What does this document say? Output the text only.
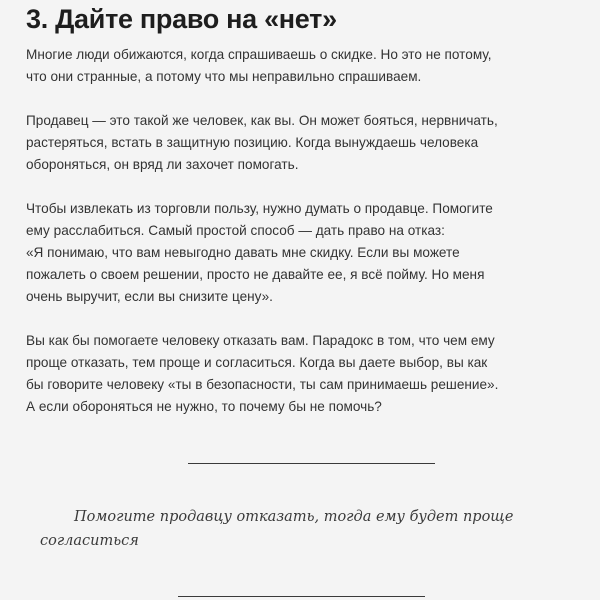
3. Дайте право на «нет»

Многие люди обижаются, когда спрашиваешь о скидке. Но это не потому,
что они странные, а потому что мы неправильно спрашиваем.

Продавец — это такой же человек, как вы. Он может бояться, нервничать,
растеряться, встать в защитную позицию. Когда вынуждаешь человека
обороняться, он вряд ли захочет помогать.

Чтобы извлекать из торговли пользу, нужно думать о продавце. Помогите
ему расслабиться. Самый простой способ — дать право на отказ:
«Я понимаю, что вам невыгодно давать мне скидку. Если вы можете
пожалеть о своем решении, просто не давайте ее, я всё пойму. Но меня
очень выручит, если вы снизите цену».

Вы как бы помогаете человеку отказать вам. Парадокс в том, что чем ему
проще отказать, тем проще и согласиться. Когда вы даете выбор, вы как
бы говорите человеку «ты в безопасности, ты сам принимаешь решение».
А если обороняться не нужно, то почему бы не помочь?

Помогите продавцу отказать, тогда ему будет проще
согласиться
